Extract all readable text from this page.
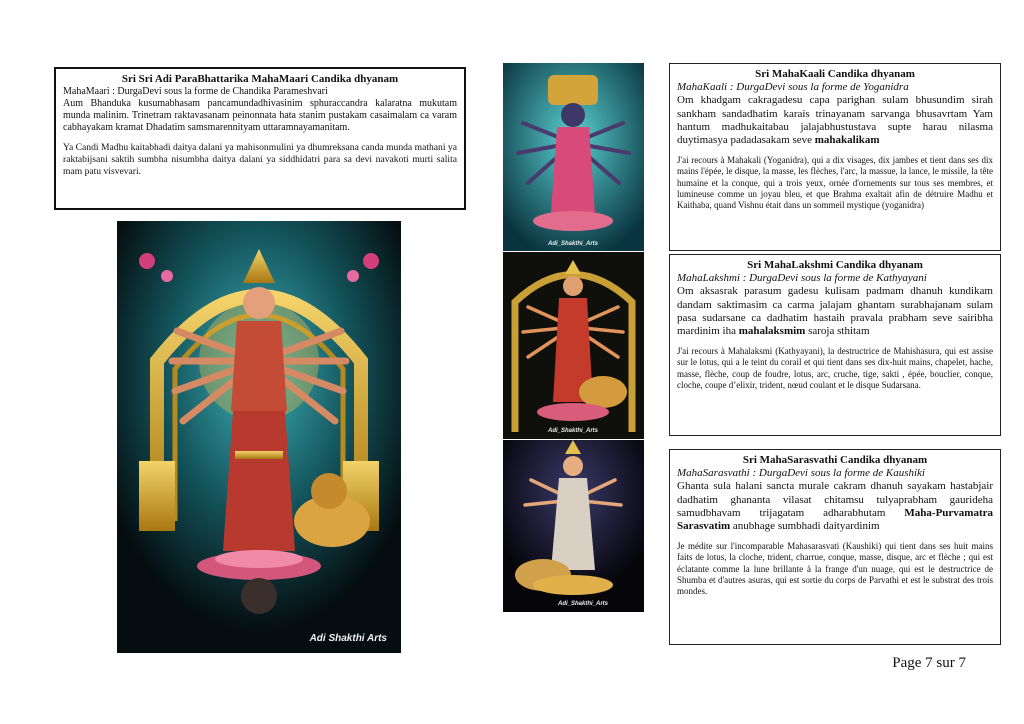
Sri Sri Adi ParaBhattarika MahaMaari Candika dhyanam
MahaMaari : DurgaDevi sous la forme de Chandika Parameshvari
Aum Bhanduka kusumabhasam pancamundadhivasinim sphuraccandra kalaratna mukutam munda malinim. Trinetram raktavasanam peinonnata hata stanim pustakam casaimalam ca varam cabhayakam kramat Dhadatim samsmarennityam uttaramnayamanitam.
Ya Candi Madhu kaitabhadi daitya dalani ya mahisonmulini ya dhumreksana canda munda mathani ya raktabijsani saktih sumbha nisumbha daitya dalani ya siddhidatri para sa devi navakoti murti salita mam patu visvevari.
Adi Shakthi Arts
Adi_Shakthi_Arts
Adi_Shakthi_Arts
Adi_Shakthi_Arts
Sri MahaKaali Candika dhyanam
MahaKaali : DurgaDevi sous la forme de Yoganidra
Om khadgam cakragadesu capa parighan sulam bhusundim sirah sankham sandadhatim karais trinayanam sarvanga bhusavrtam Yam hantum madhukaitabau jalajabhustustava supte harau nilasma duytimasya padadasakam seve mahakalikam
J'ai recours à Mahakali (Yoganidra), qui a dix visages, dix jambes et tient dans ses dix mains l'épée, le disque, la masse, les flèches, l'arc, la massue, la lance, le missile, la tête humaine et la conque, qui a trois yeux, ornée d'ornements sur tous ses membres, et lumineuse comme un joyau bleu, et que Brahma exaltait afin de détruire Madhu et Kaithaba, quand Vishnu était dans un sommeil mystique (yoganidra)
Sri MahaLakshmi Candika dhyanam
MahaLakshmi : DurgaDevi sous la forme de Kathyayani
Om aksasrak parasum gadesu kulisam padmam dhanuh kundikam dandam saktimasim ca carma jalajam ghantam surabhajanam sulam pasa sudarsane ca dadhatim hastaih pravala prabham seve sairibha mardinim iha mahalaksmim saroja sthitam
J'ai recours à Mahalaksmi (Kathyayani), la destructrice de Mahishasura, qui est assise sur le lotus, qui a le teint du corail et qui tient dans ses dix-huit mains, chapelet, hache, masse, flèche, coup de foudre, lotus, arc, cruche, tige, sakti , épée, bouclier, conque, cloche, coupe d’elixir, trident, nœud coulant et le disque Sudarsana.
Sri MahaSarasvathi Candika dhyanam
MahaSarasvathi : DurgaDevi sous la forme de Kaushiki
Ghanta sula halani sancta murale cakram dhanuh sayakam hastabjair dadhatim ghananta vilasat chitamsu tulyaprabham gaurideha samudbhavam trijagatam adharabhutam Maha-Purvamatra Sarasvatim anubhage sumbhadi daityardinim
Je médite sur l'incomparable Mahasarasvati (Kaushiki) qui tient dans ses huit mains faits de lotus, la cloche, trident, charrue, conque, masse, disque, arc et flèche ; qui est éclatante comme la lune brillante à la frange d'un nuage, qui est le destructrice de Shumba et d'autres asuras, qui est sortie du corps de Parvathi et est le substrat des trois mondes.
Page 7 sur 7
